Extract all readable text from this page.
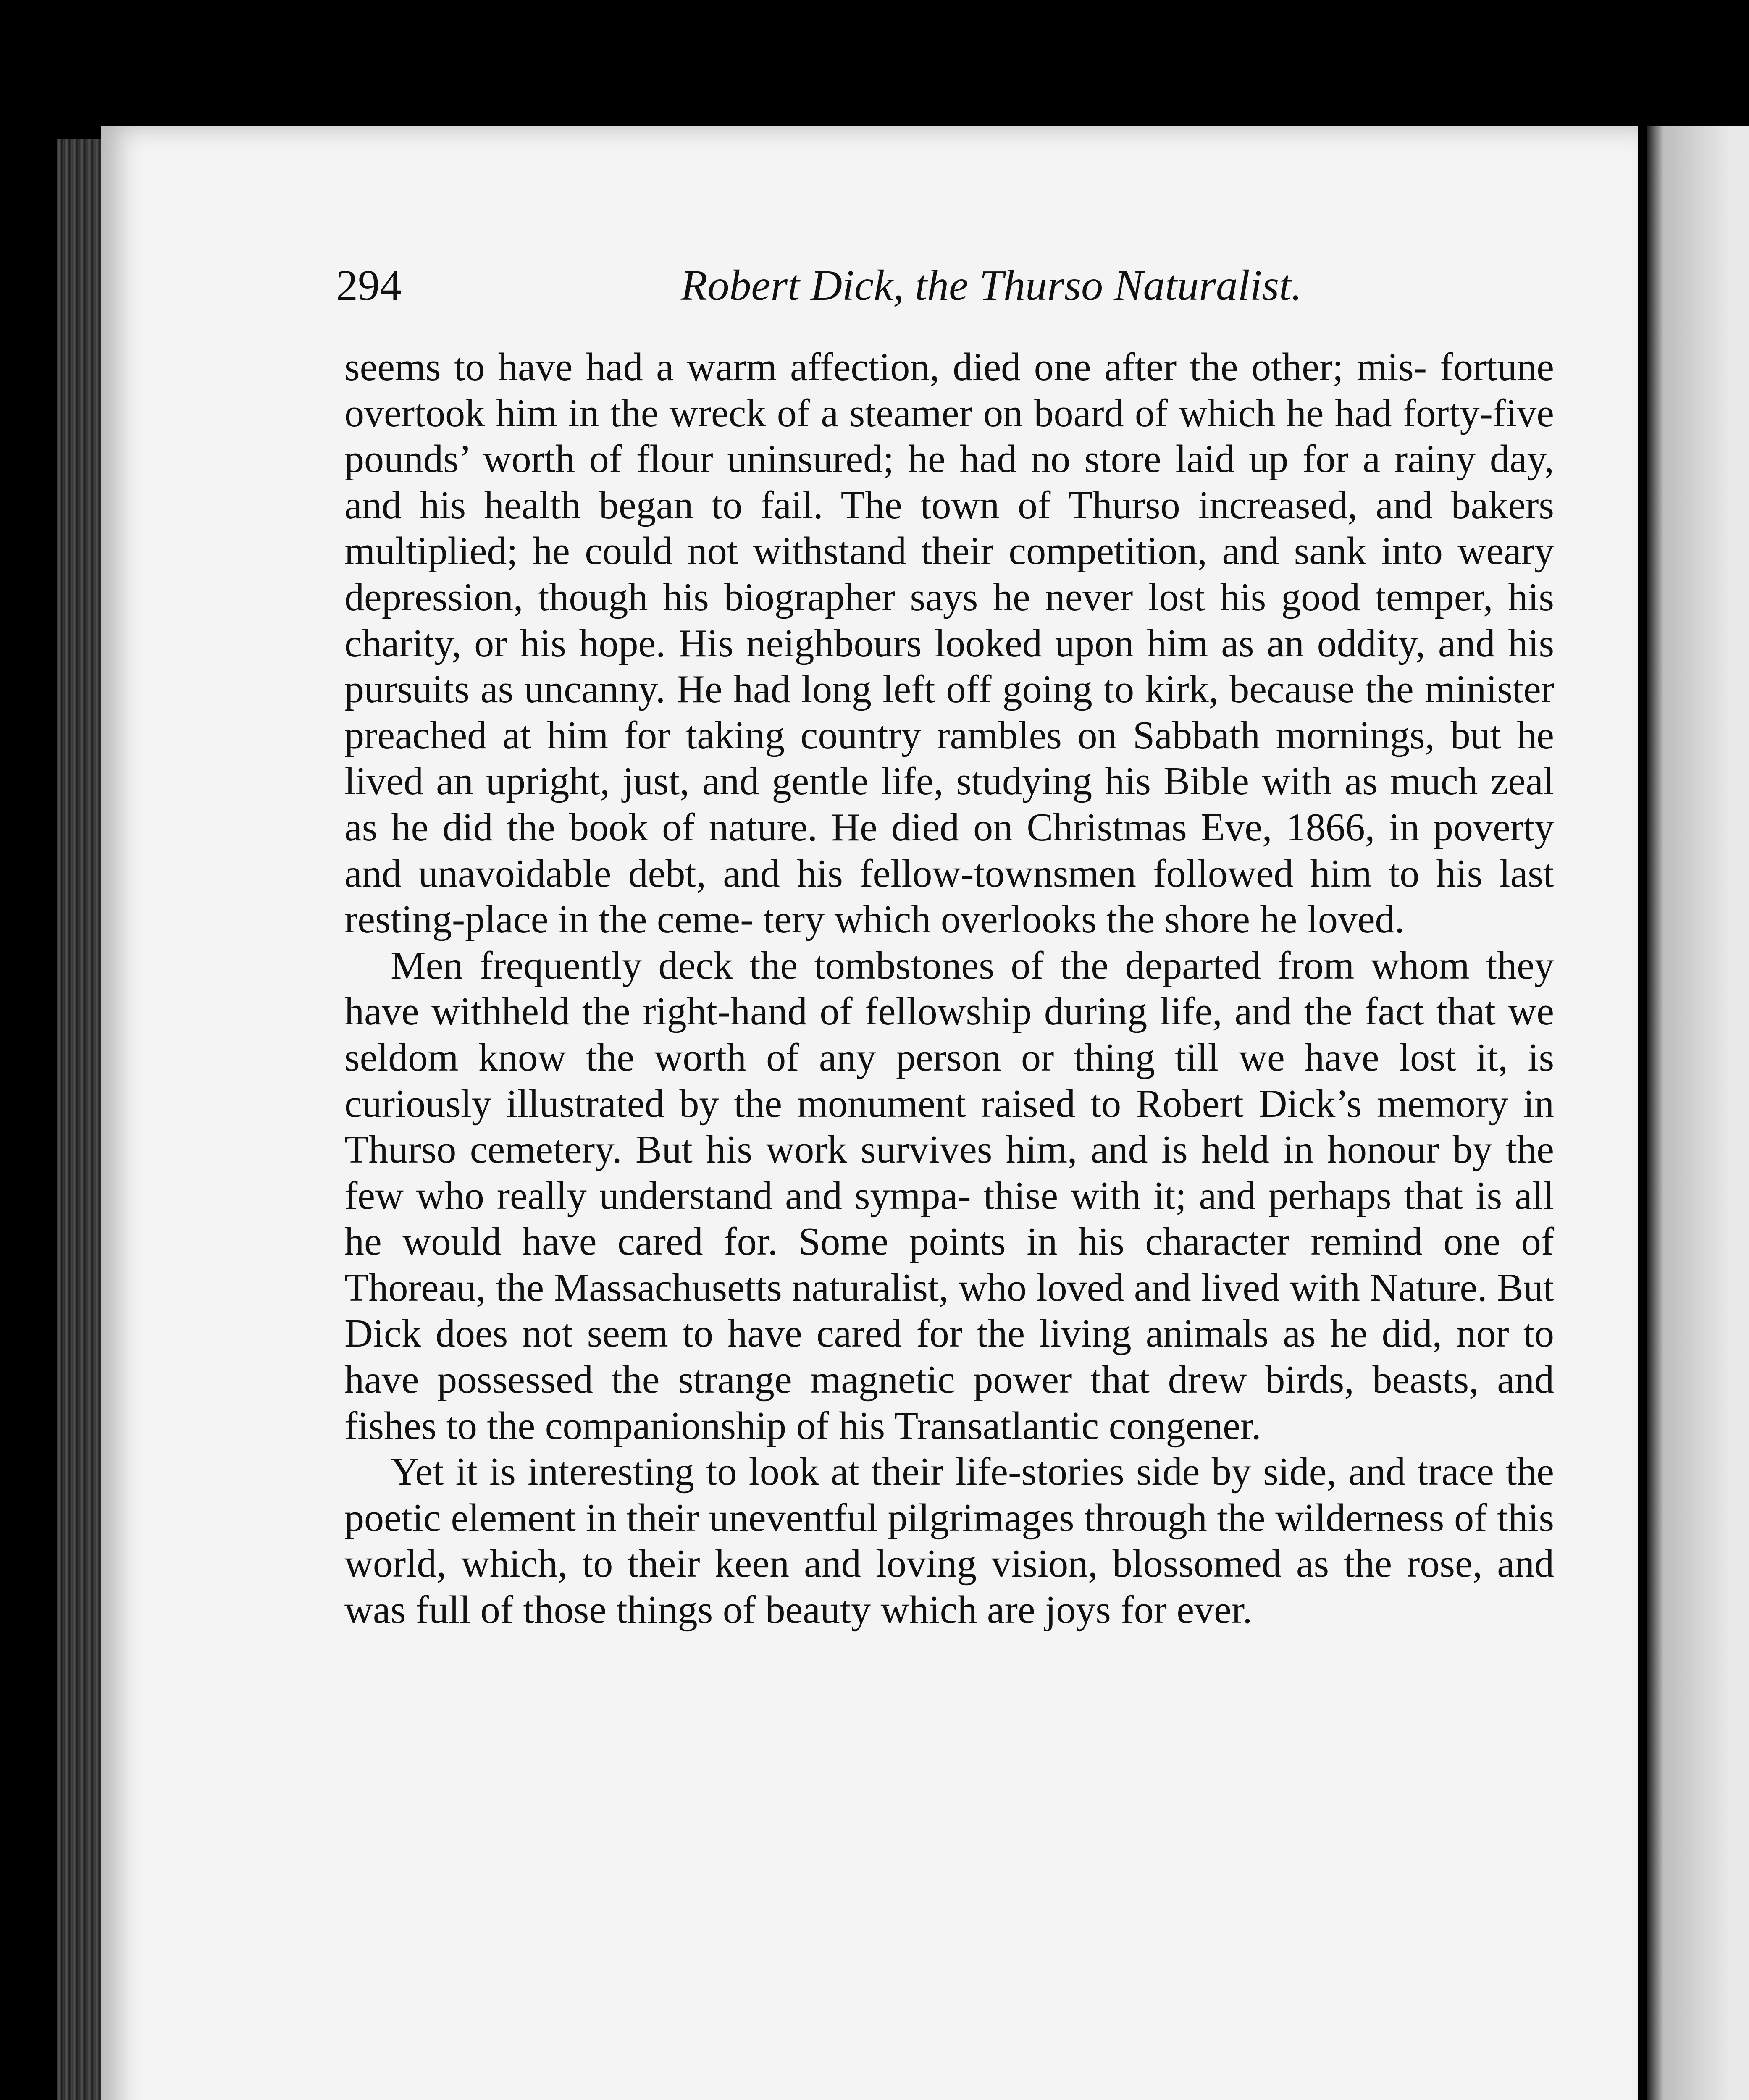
294	Robert Dick, the Thurso Naturalist.

seems to have had a warm affection, died one after the other; mis- fortune overtook him in the wreck of a steamer on board of which he had forty-five pounds’ worth of flour uninsured; he had no store laid up for a rainy day, and his health began to fail. The town of Thurso increased, and bakers multiplied; he could not withstand their competition, and sank into weary depression, though his biographer says he never lost his good temper, his charity, or his hope. His neighbours looked upon him as an oddity, and his pursuits as uncanny. He had long left off going to kirk, because the minister preached at him for taking country rambles on Sabbath mornings, but he lived an upright, just, and gentle life, studying his Bible with as much zeal as he did the book of nature. He died on Christmas Eve, 1866, in poverty and unavoidable debt, and his fellow-townsmen followed him to his last resting-place in the ceme- tery which overlooks the shore he loved.

Men frequently deck the tombstones of the departed from whom they have withheld the right-hand of fellowship during life, and the fact that we seldom know the worth of any person or thing till we have lost it, is curiously illustrated by the monument raised to Robert Dick’s memory in Thurso cemetery. But his work survives him, and is held in honour by the few who really understand and sympa- thise with it; and perhaps that is all he would have cared for. Some points in his character remind one of Thoreau, the Massachusetts naturalist, who loved and lived with Nature. But Dick does not seem to have cared for the living animals as he did, nor to have possessed the strange magnetic power that drew birds, beasts, and fishes to the companionship of his Transatlantic congener.

Yet it is interesting to look at their life-stories side by side, and trace the poetic element in their uneventful pilgrimages through the wilderness of this world, which, to their keen and loving vision, blossomed as the rose, and was full of those things of beauty which are joys for ever.
